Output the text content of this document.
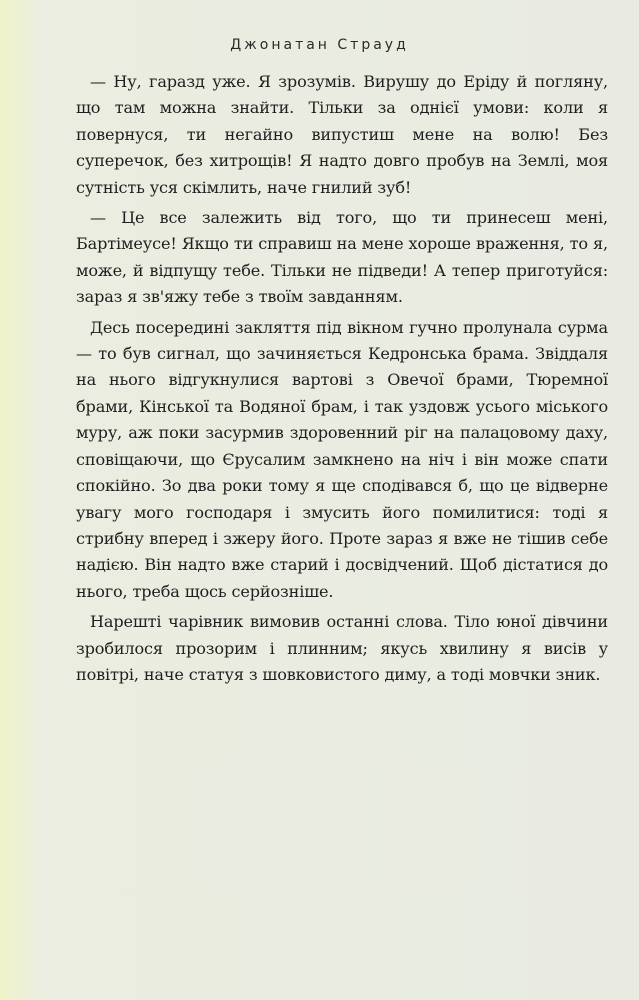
Джонатан Страуд

— Ну, гаразд уже. Я зрозумів. Вирушу до Еріду й погляну, що там можна знайти. Тільки за однієї умови: коли я повернуся, ти негайно випустиш мене на волю! Без суперечок, без хитрощів! Я надто довго пробув на Землі, моя сутність уся скімлить, наче гнилий зуб!

— Це все залежить від того, що ти принесеш мені, Бартімеусе! Якщо ти справиш на мене хороше враження, то я, може, й відпущу тебе. Тільки не підведи! А тепер приготуйся: зараз я зв'яжу тебе з твоїм завданням.

Десь посередині закляття під вікном гучно пролунала сурма — то був сигнал, що зачиняється Кедронська брама. Звіддаля на нього відгукнулися вартові з Овечої брами, Тюремної брами, Кінської та Водяної брам, і так уздовж усього міського муру, аж поки засурмив здоровенний ріг на палацовому даху, сповіщаючи, що Єрусалим замкнено на ніч і він може спати спокійно. Зо два роки тому я ще сподівався б, що це відверне увагу мого господаря і змусить його помилитися: тоді я стрибну вперед і зжеру його. Проте зараз я вже не тішив себе надією. Він надто вже старий і досвідчений. Щоб дістатися до нього, треба щось серйозніше.

Нарешті чарівник вимовив останні слова. Тіло юної дівчини зробилося прозорим і плинним; якусь хвилину я висів у повітрі, наче статуя з шовковистого диму, а тоді мовчки зник.
